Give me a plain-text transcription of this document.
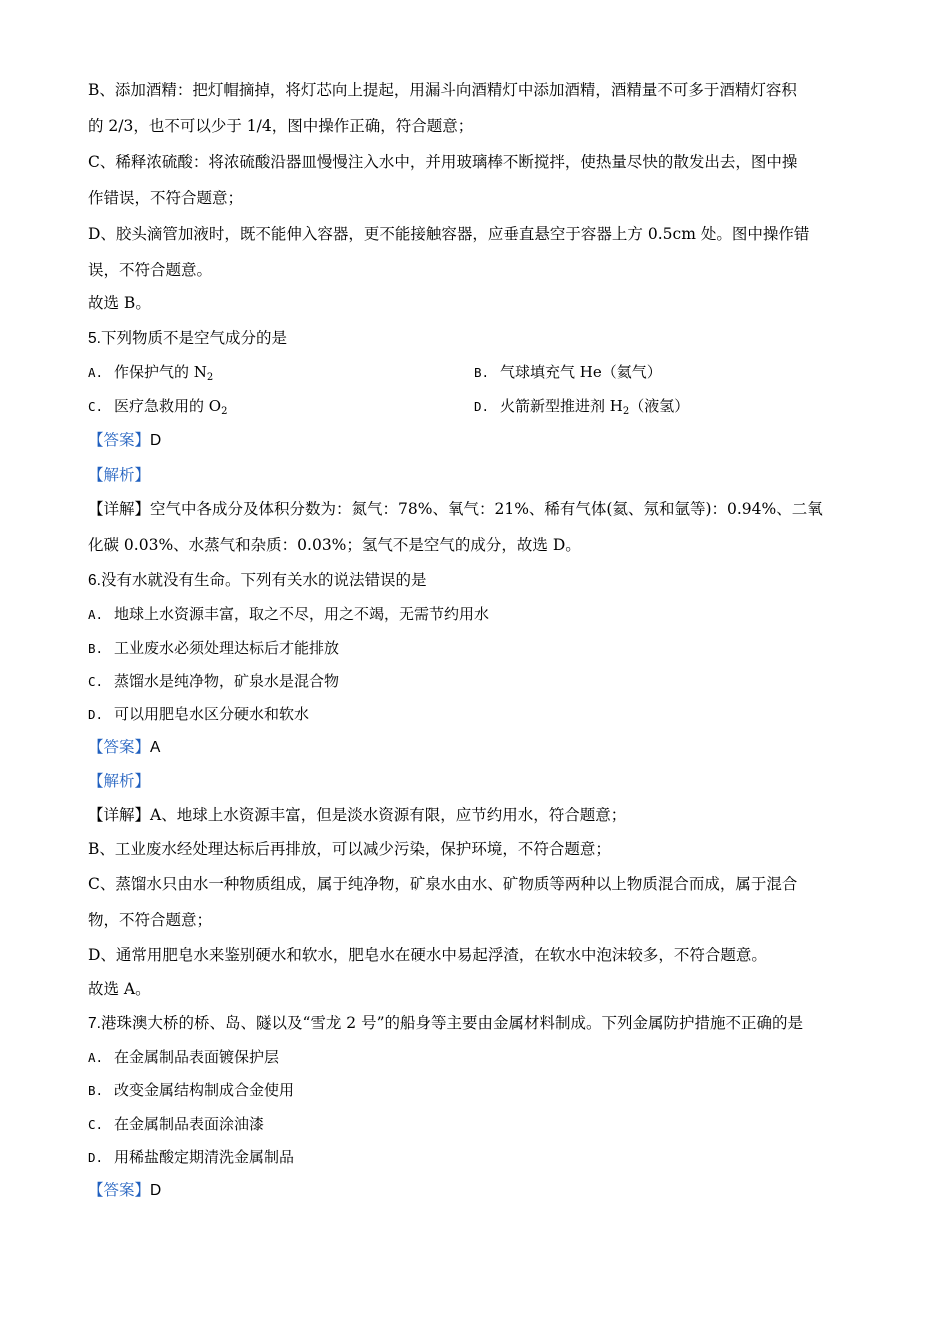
B、添加酒精：把灯帽摘掉，将灯芯向上提起，用漏斗向酒精灯中添加酒精，酒精量不可多于酒精灯容积
的 2/3，也不可以少于 1/4，图中操作正确，符合题意；
C、稀释浓硫酸：将浓硫酸沿器皿慢慢注入水中，并用玻璃棒不断搅拌，使热量尽快的散发出去，图中操
作错误，不符合题意；
D、胶头滴管加液时，既不能伸入容器，更不能接触容器，应垂直悬空于容器上方 0.5cm 处。图中操作错
误，不符合题意。
故选 B。
5.下列物质不是空气成分的是
A. 作保护气的 $N_2$	B. 气球填充气 He（氦气）
C. 医疗急救用的 $O_2$	D. 火箭新型推进剂 $H_2$（液氢）
【答案】D
【解析】
【详解】空气中各成分及体积分数为：氮气：78%、氧气：21%、稀有气体(氦、氖和氩等)：0.94%、二氧
化碳 0.03%、水蒸气和杂质：0.03%；氢气不是空气的成分，故选 D。
6.没有水就没有生命。下列有关水的说法错误的是
A. 地球上水资源丰富，取之不尽，用之不竭，无需节约用水
B. 工业废水必须处理达标后才能排放
C. 蒸馏水是纯净物，矿泉水是混合物
D. 可以用肥皂水区分硬水和软水
【答案】A
【解析】
【详解】A、地球上水资源丰富，但是淡水资源有限，应节约用水，符合题意；
B、工业废水经处理达标后再排放，可以减少污染，保护环境，不符合题意；
C、蒸馏水只由水一种物质组成，属于纯净物，矿泉水由水、矿物质等两种以上物质混合而成，属于混合
物，不符合题意；
D、通常用肥皂水来鉴别硬水和软水，肥皂水在硬水中易起浮渣，在软水中泡沫较多，不符合题意。
故选 A。
7.港珠澳大桥的桥、岛、隧以及“雪龙 2 号”的船身等主要由金属材料制成。下列金属防护措施不正确的是
A. 在金属制品表面镀保护层
B. 改变金属结构制成合金使用
C. 在金属制品表面涂油漆
D. 用稀盐酸定期清洗金属制品
【答案】D
